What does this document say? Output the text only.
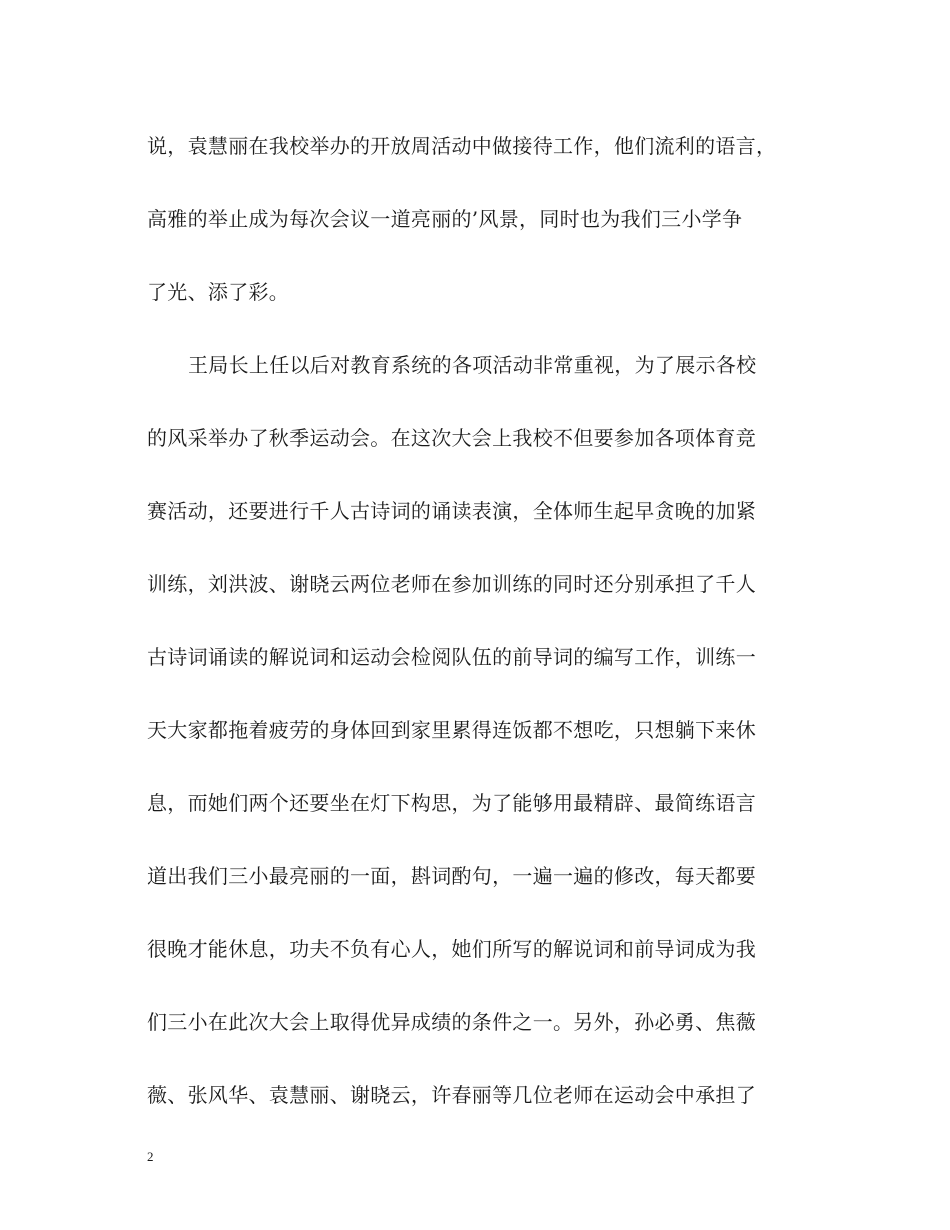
说，袁慧丽在我校举办的开放周活动中做接待工作，他们流利的语言，
高雅的举止成为每次会议一道亮丽的’风景，同时也为我们三小学争
了光、添了彩。
王局长上任以后对教育系统的各项活动非常重视，为了展示各校
的风采举办了秋季运动会。在这次大会上我校不但要参加各项体育竞
赛活动，还要进行千人古诗词的诵读表演，全体师生起早贪晚的加紧
训练，刘洪波、谢晓云两位老师在参加训练的同时还分别承担了千人
古诗词诵读的解说词和运动会检阅队伍的前导词的编写工作，训练一
天大家都拖着疲劳的身体回到家里累得连饭都不想吃，只想躺下来休
息，而她们两个还要坐在灯下构思，为了能够用最精辟、最简练语言
道出我们三小最亮丽的一面，斟词酌句，一遍一遍的修改，每天都要
很晚才能休息，功夫不负有心人，她们所写的解说词和前导词成为我
们三小在此次大会上取得优异成绩的条件之一。另外，孙必勇、焦薇
薇、张风华、袁慧丽、谢晓云，许春丽等几位老师在运动会中承担了
2
